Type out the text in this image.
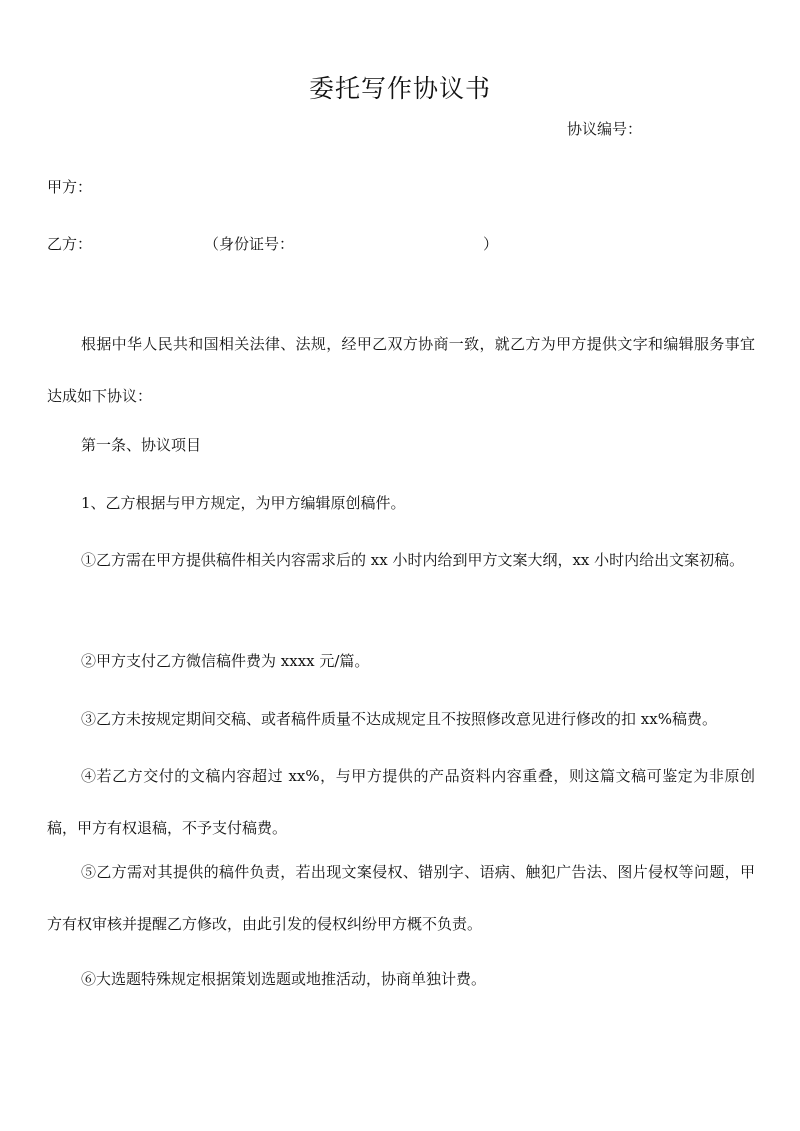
委托写作协议书
协议编号：
甲方：
乙方：	（身份证号：	）

根据中华人民共和国相关法律、法规，经甲乙双方协商一致，就乙方为甲方提供文字和编辑服务事宜达成如下协议：

第一条、协议项目
1、乙方根据与甲方规定，为甲方编辑原创稿件。

①乙方需在甲方提供稿件相关内容需求后的 xx 小时内给到甲方文案大纲，xx 小时内给出文案初稿。

②甲方支付乙方微信稿件费为 xxxx 元/篇。
③乙方未按规定期间交稿、或者稿件质量不达成规定且不按照修改意见进行修改的扣 xx%稿费。

④若乙方交付的文稿内容超过 xx%，与甲方提供的产品资料内容重叠，则这篇文稿可鉴定为非原创稿，甲方有权退稿，不予支付稿费。

⑤乙方需对其提供的稿件负责，若出现文案侵权、错别字、语病、触犯广告法、图片侵权等问题，甲方有权审核并提醒乙方修改，由此引发的侵权纠纷甲方概不负责。

⑥大选题特殊规定根据策划选题或地推活动，协商单独计费。
